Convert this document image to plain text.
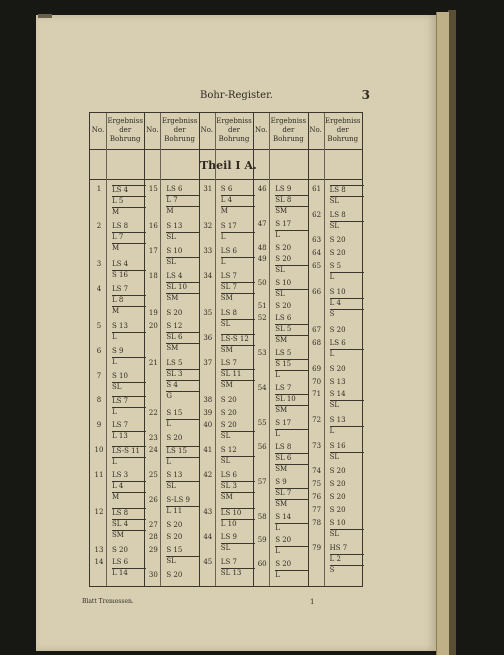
Bohr-Register.	3
No.
Ergebniss
der
Bohrung
No.
Ergebniss
der
Bohrung
No.
Ergebniss
der
Bohrung
No.
Ergebniss
der
Bohrung
No.
Ergebniss
der
Bohrung
Theil I A.
1	LS 4
L 5
M
2	LS 8
L 7
M
3	LS 4
S 16
4	LS 7
L 8
M
5	S 13
L
6	S 9
L
7	S 10
SL
8	LS 7
L
9	LS 7
L 13
10	LS-S 11
L
11	LS 3
L 4
M
12	LS 8
SL 4
SM
13	S 20
14	LS 6
L 14
15	LS 6
L 7
M
16	S 13
SL
17	S 10
SL
18	LS 4
SL 10
SM
19	S 20
20	S 12
SL 6
SM
21	LS 5
SL 3
S 4
G
22	S 15
L
23	S 20
24	LS 15
L
25	S 13
SL
26	S-LS 9
L 11
27	S 20
28	S 20
29	S 15
SL
30	S 20
31	S 6
L 4
M
32	S 17
L
33	LS 6
L
34	LS 7
SL 7
SM
35	LS 8
SL
36	LS-S 12
SM
37	LS 7
SL 11
SM
38	S 20
39	S 20
40	S 20
SL
41	S 12
SL
42	LS 6
SL 3
SM
43	LS 10
L 10
44	LS 9
SL
45	LS 7
SL 13
46	LS 9
SL 8
SM
47	S 17
L
48	S 20
49	S 20
SL
50	S 10
SL
51	S 20
52	LS 6
SL 5
SM
53	LS 5
S 15
L
54	LS 7
SL 10
SM
55	S 17
L
56	LS 8
SL 6
SM
57	S 9
SL 7
SM
58	S 14
L
59	S 20
L
60	S 20
L
61	LS 8
SL
62	LS 8
SL
63	S 20
64	S 20
65	S 5
L
66	S 10
L 4
S
67	S 20
68	LS 6
L
69	S 20
70	S 13
71	S 14
SL
72	S 13
L
73	S 16
SL
74	S 20
75	S 20
76	S 20
77	S 20
78	S 10
SL
79	HS 7
L 2
S
Blatt Tremessen.	1
